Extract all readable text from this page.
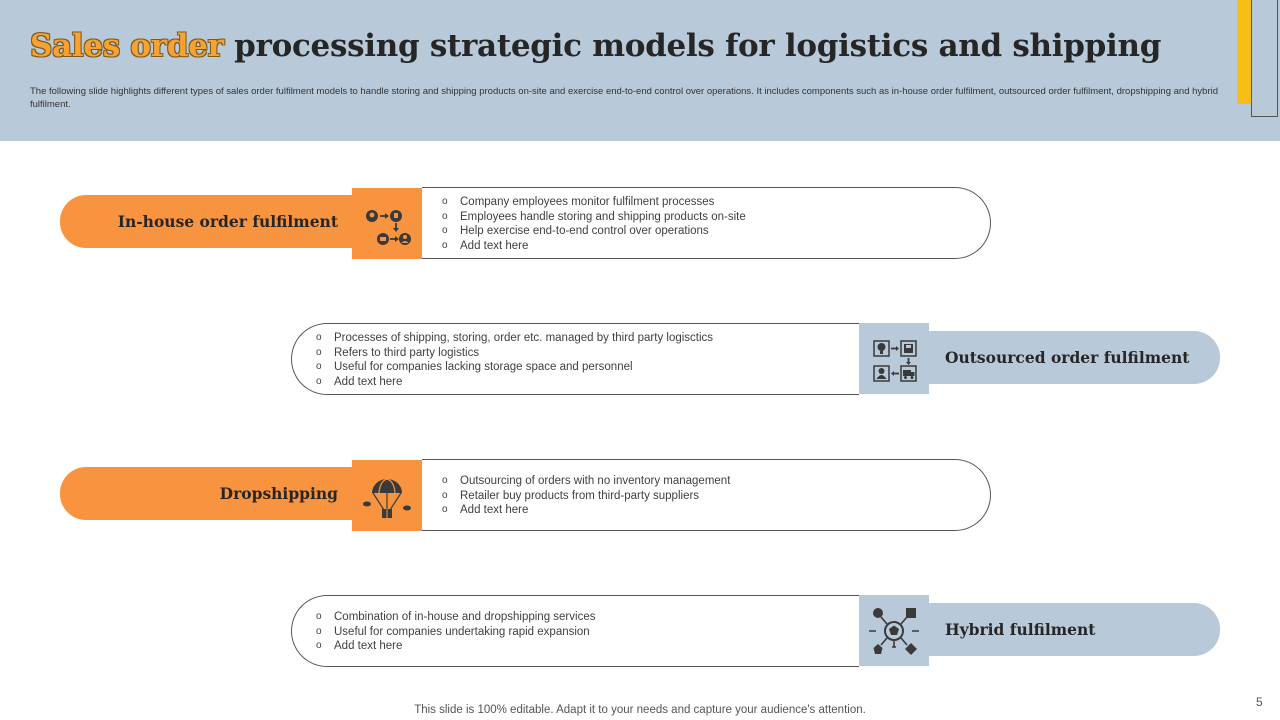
Sales order processing strategic models for logistics and shipping

The following slide highlights different types of sales order fulfilment models to handle storing and shipping products on-site and exercise end-to-end control over operations. It includes components such as in-house order fulfilment, outsourced order fulfilment, dropshipping and hybrid fulfilment.

In-house order fulfilment
o Company employees monitor fulfilment processes
o Employees handle storing and shipping products on-site
o Help exercise end-to-end control over operations
o Add text here
o Processes of shipping, storing, order etc. managed by third party logisctics
o Refers to third party logistics
o Useful for companies lacking storage space and personnel
o Add text here
Outsourced order fulfilment
Dropshipping
o Outsourcing of orders with no inventory management
o Retailer buy products from third-party suppliers
o Add text here
o Combination of in-house and dropshipping services
o Useful for companies undertaking rapid expansion
o Add text here
Hybrid fulfilment
This slide is 100% editable. Adapt it to your needs and capture your audience's attention.
5
